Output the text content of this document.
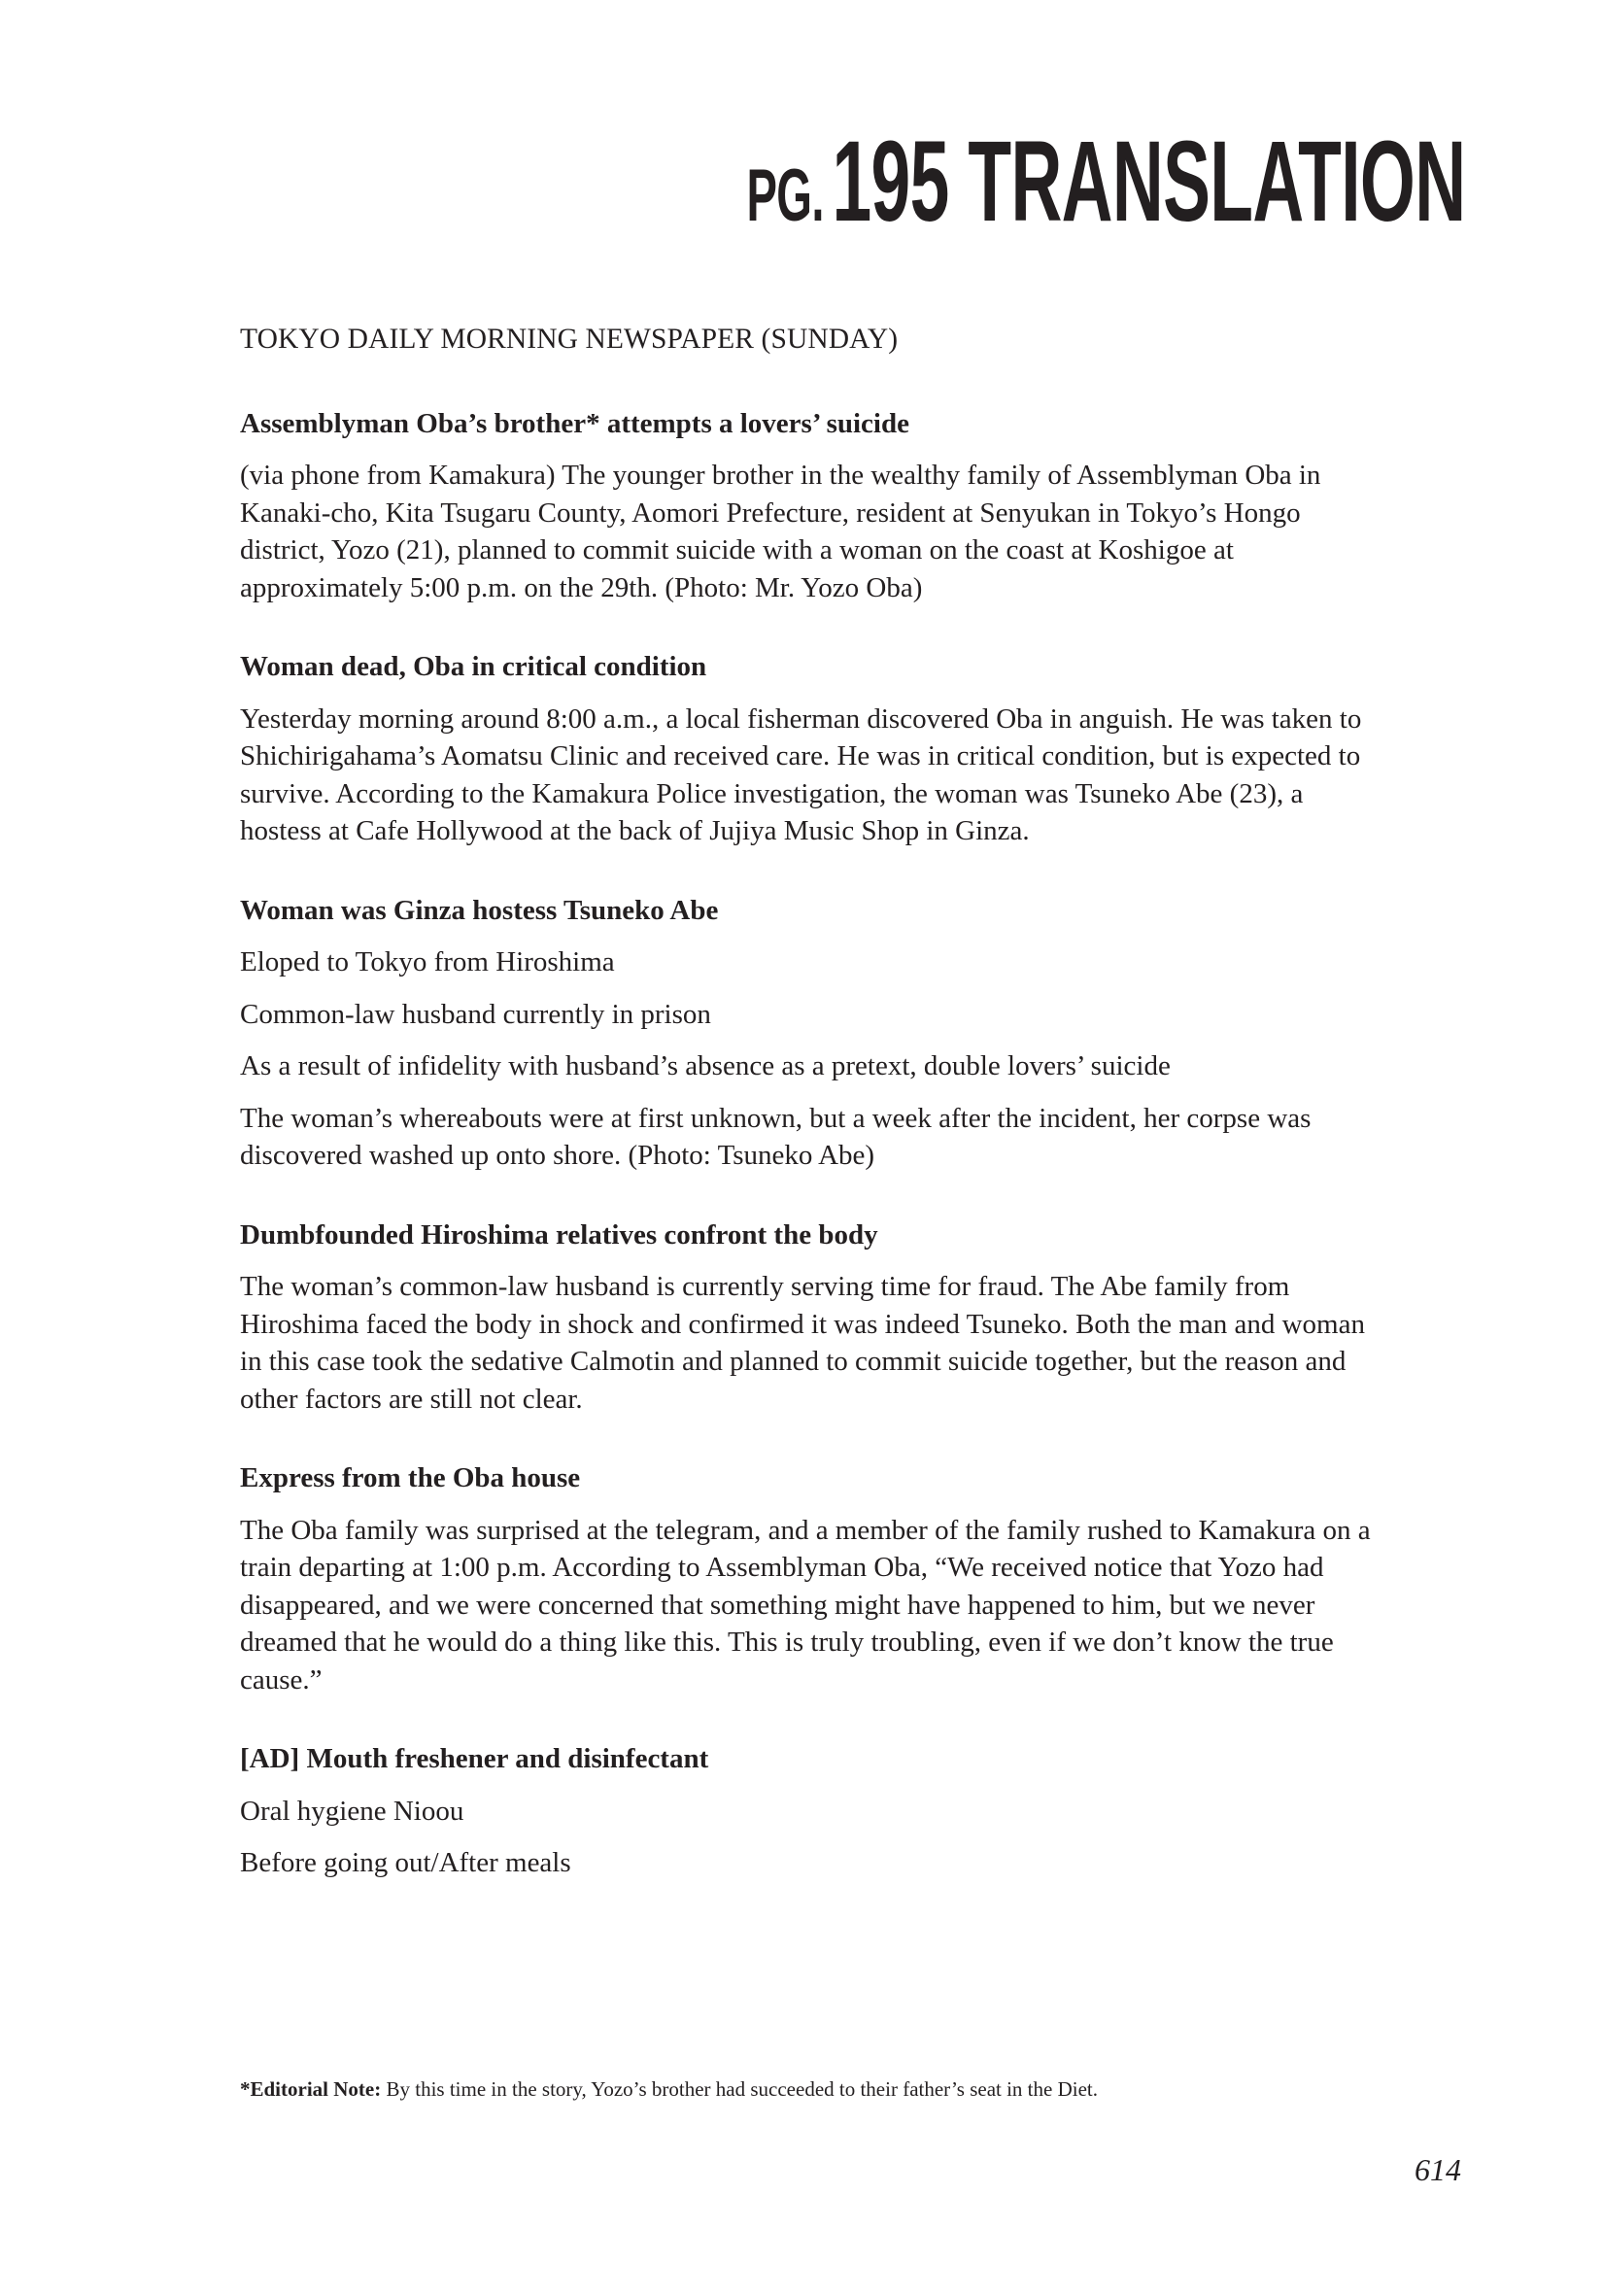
PG.195 TRANSLATION
TOKYO DAILY MORNING NEWSPAPER (SUNDAY)
Assemblyman Oba’s brother* attempts a lovers’ suicide
(via phone from Kamakura) The younger brother in the wealthy family of Assemblyman Oba in Kanaki-cho, Kita Tsugaru County, Aomori Prefecture, resident at Senyukan in Tokyo’s Hongo district, Yozo (21), planned to commit suicide with a woman on the coast at Koshigoe at approximately 5:00 p.m. on the 29th. (Photo: Mr. Yozo Oba)
Woman dead, Oba in critical condition
Yesterday morning around 8:00 a.m., a local fisherman discovered Oba in anguish. He was taken to Shichirigahama’s Aomatsu Clinic and received care. He was in critical condition, but is expected to survive. According to the Kamakura Police investigation, the woman was Tsuneko Abe (23), a hostess at Cafe Hollywood at the back of Jujiya Music Shop in Ginza.
Woman was Ginza hostess Tsuneko Abe
Eloped to Tokyo from Hiroshima
Common-law husband currently in prison
As a result of infidelity with husband’s absence as a pretext, double lovers’ suicide
The woman’s whereabouts were at first unknown, but a week after the incident, her corpse was discovered washed up onto shore. (Photo: Tsuneko Abe)
Dumbfounded Hiroshima relatives confront the body
The woman’s common-law husband is currently serving time for fraud. The Abe family from Hiroshima faced the body in shock and confirmed it was indeed Tsuneko. Both the man and woman in this case took the sedative Calmotin and planned to commit suicide together, but the reason and other factors are still not clear.
Express from the Oba house
The Oba family was surprised at the telegram, and a member of the family rushed to Kamakura on a train departing at 1:00 p.m. According to Assemblyman Oba, “We received notice that Yozo had disappeared, and we were concerned that something might have happened to him, but we never dreamed that he would do a thing like this. This is truly troubling, even if we don’t know the true cause.”
[AD] Mouth freshener and disinfectant
Oral hygiene Nioou
Before going out/After meals
*Editorial Note: By this time in the story, Yozo’s brother had succeeded to their father’s seat in the Diet.
614
